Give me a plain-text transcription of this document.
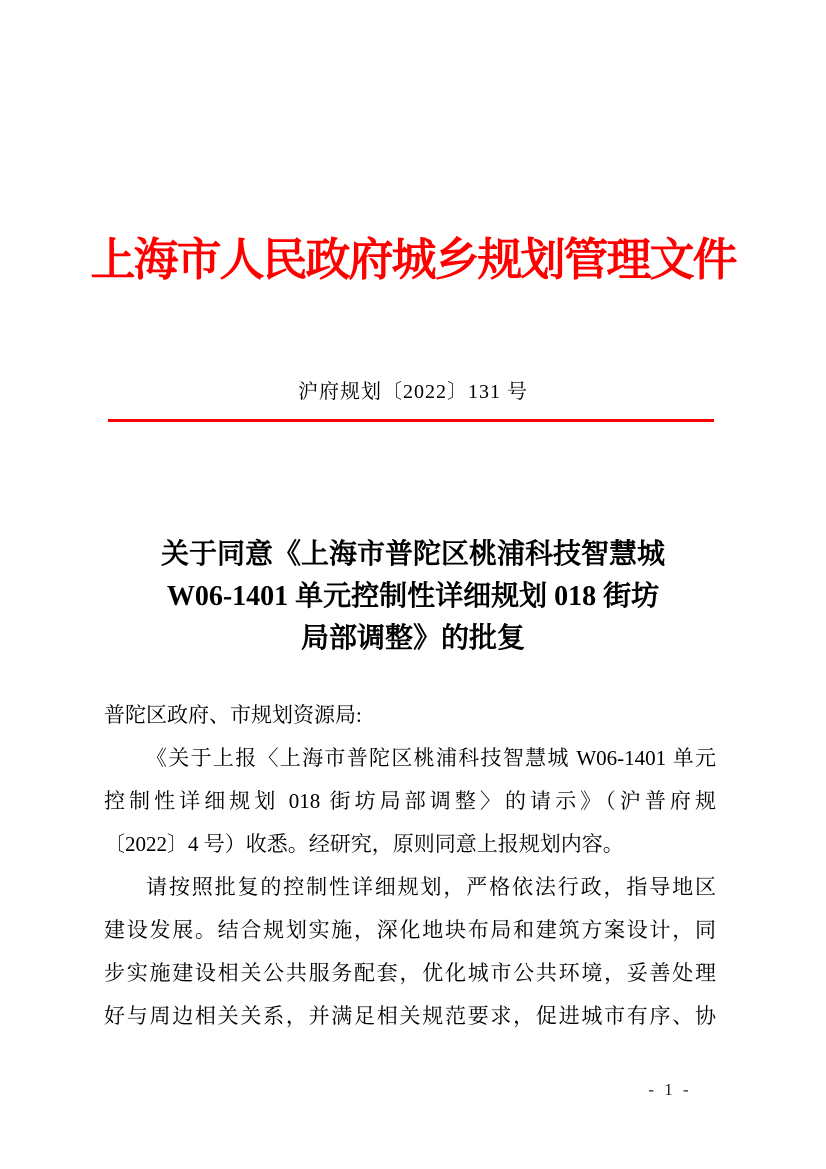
上海市人民政府城乡规划管理文件
沪府规划〔2022〕131 号
关于同意《上海市普陀区桃浦科技智慧城
W06-1401 单元控制性详细规划 018 街坊
局部调整》的批复
普陀区政府、市规划资源局:
《关于上报〈上海市普陀区桃浦科技智慧城 W06-1401 单元
控制性详细规划 018 街坊局部调整〉的请示》（沪普府规
〔2022〕4 号）收悉。经研究，原则同意上报规划内容。
请按照批复的控制性详细规划，严格依法行政，指导地区
建设发展。结合规划实施，深化地块布局和建筑方案设计，同
步实施建设相关公共服务配套，优化城市公共环境，妥善处理
好与周边相关关系，并满足相关规范要求，促进城市有序、协
- 1 -
